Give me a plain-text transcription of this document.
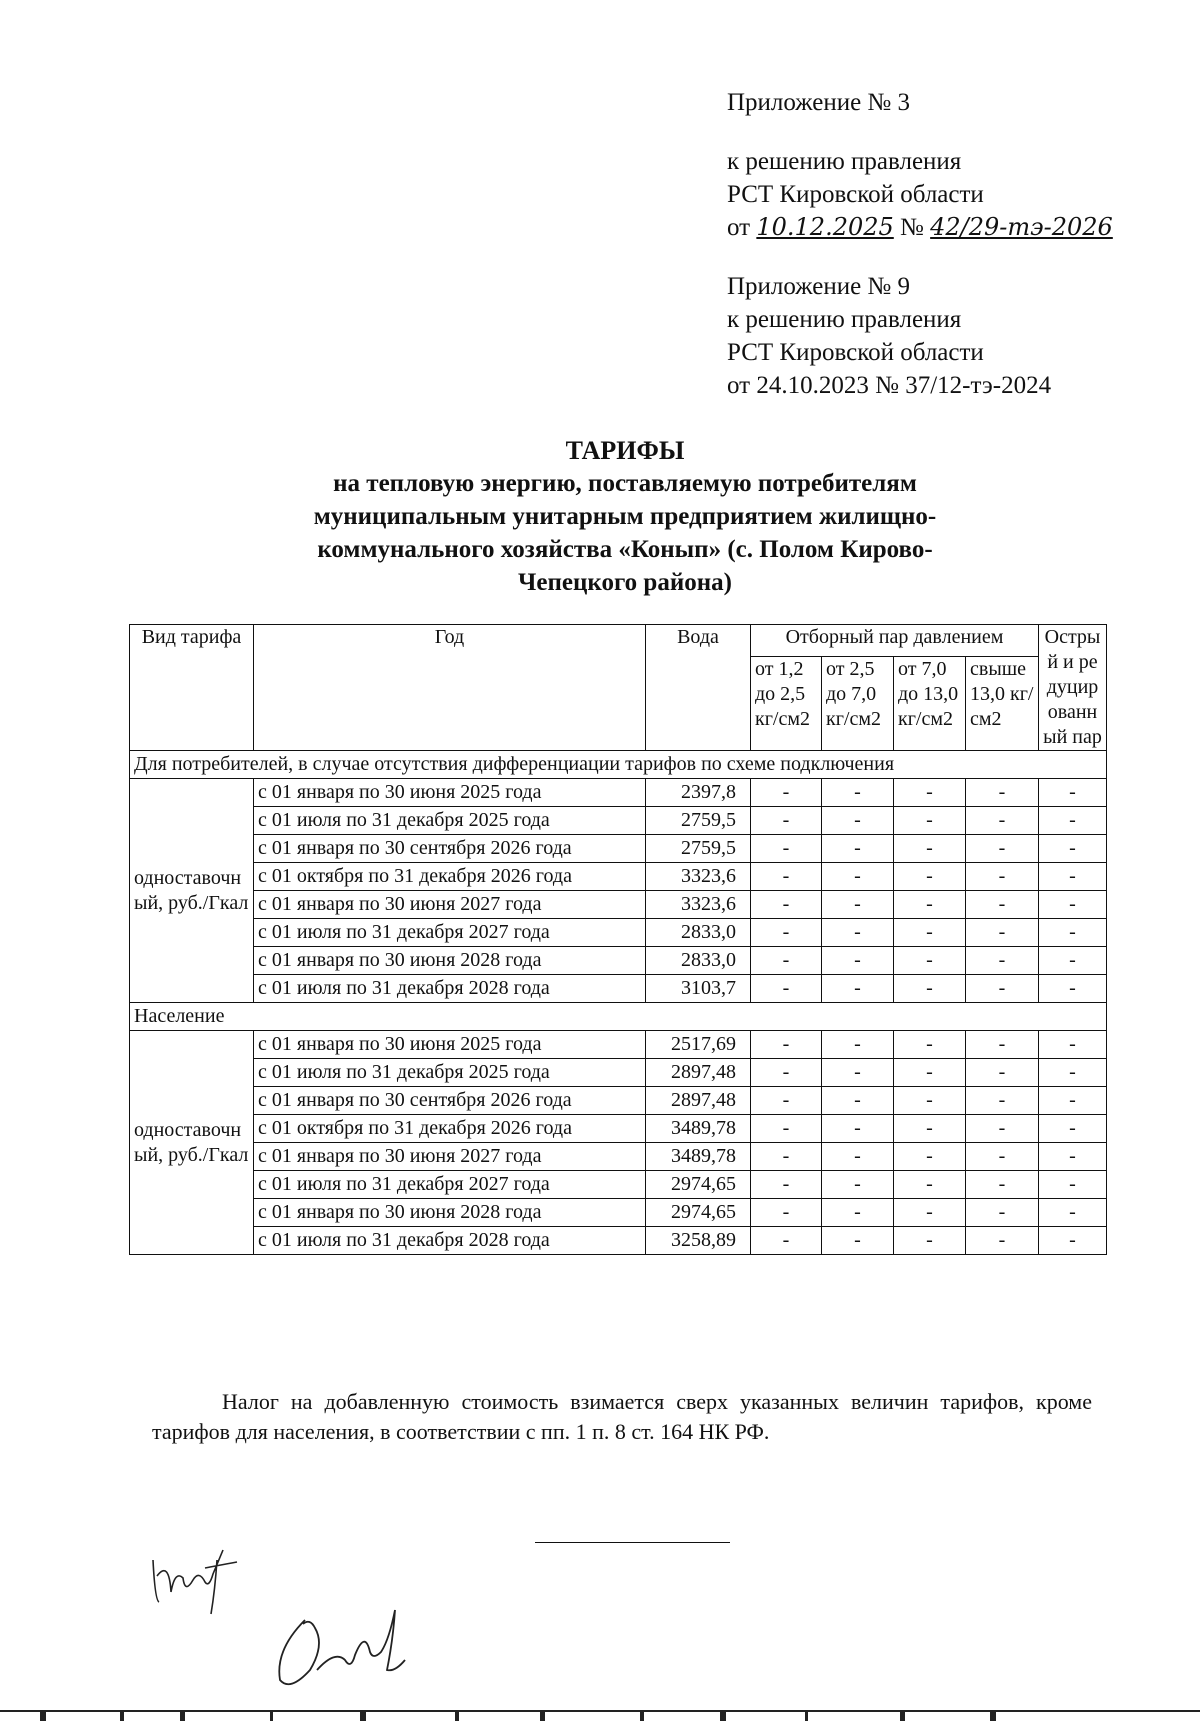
Приложение № 3
к решению правления
РСТ Кировской области
от 10.12.2025 № 42/29-тэ-2026
Приложение № 9
к решению правления
РСТ Кировской области
от 24.10.2023 № 37/12-тэ-2024
ТАРИФЫ
на тепловую энергию, поставляемую потребителям
муниципальным унитарным предприятием жилищно-
коммунального хозяйства «Конып» (с. Полом Кирово-
Чепецкого района)
Вид тарифа	Год	Вода	Отборный пар давлением				Острый и редуцированный пар
			от 1,2 до 2,5 кг/см2	от 2,5 до 7,0 кг/см2	от 7,0 до 13,0 кг/см2	свыше 13,0 кг/см2	
Для потребителей, в случае отсутствия дифференциации тарифов по схеме подключения							
одноставочный, руб./Гкал	с 01 января по 30 июня 2025 года	2397,8	-	-	-	-	-
	с 01 июля по 31 декабря 2025 года	2759,5	-	-	-	-	-
	с 01 января по 30 сентября 2026 года	2759,5	-	-	-	-	-
	с 01 октября по 31 декабря 2026 года	3323,6	-	-	-	-	-
	с 01 января по 30 июня 2027 года	3323,6	-	-	-	-	-
	с 01 июля по 31 декабря 2027 года	2833,0	-	-	-	-	-
	с 01 января по 30 июня 2028 года	2833,0	-	-	-	-	-
	с 01 июля по 31 декабря 2028 года	3103,7	-	-	-	-	-
Население							
одноставочный, руб./Гкал	с 01 января по 30 июня 2025 года	2517,69	-	-	-	-	-
	с 01 июля по 31 декабря 2025 года	2897,48	-	-	-	-	-
	с 01 января по 30 сентября 2026 года	2897,48	-	-	-	-	-
	с 01 октября по 31 декабря 2026 года	3489,78	-	-	-	-	-
	с 01 января по 30 июня 2027 года	3489,78	-	-	-	-	-
	с 01 июля по 31 декабря 2027 года	2974,65	-	-	-	-	-
	с 01 января по 30 июня 2028 года	2974,65	-	-	-	-	-
	с 01 июля по 31 декабря 2028 года	3258,89	-	-	-	-	-
Налог на добавленную стоимость взимается сверх указанных величин тарифов, кроме тарифов для населения, в соответствии с пп. 1 п. 8 ст. 164 НК РФ.
